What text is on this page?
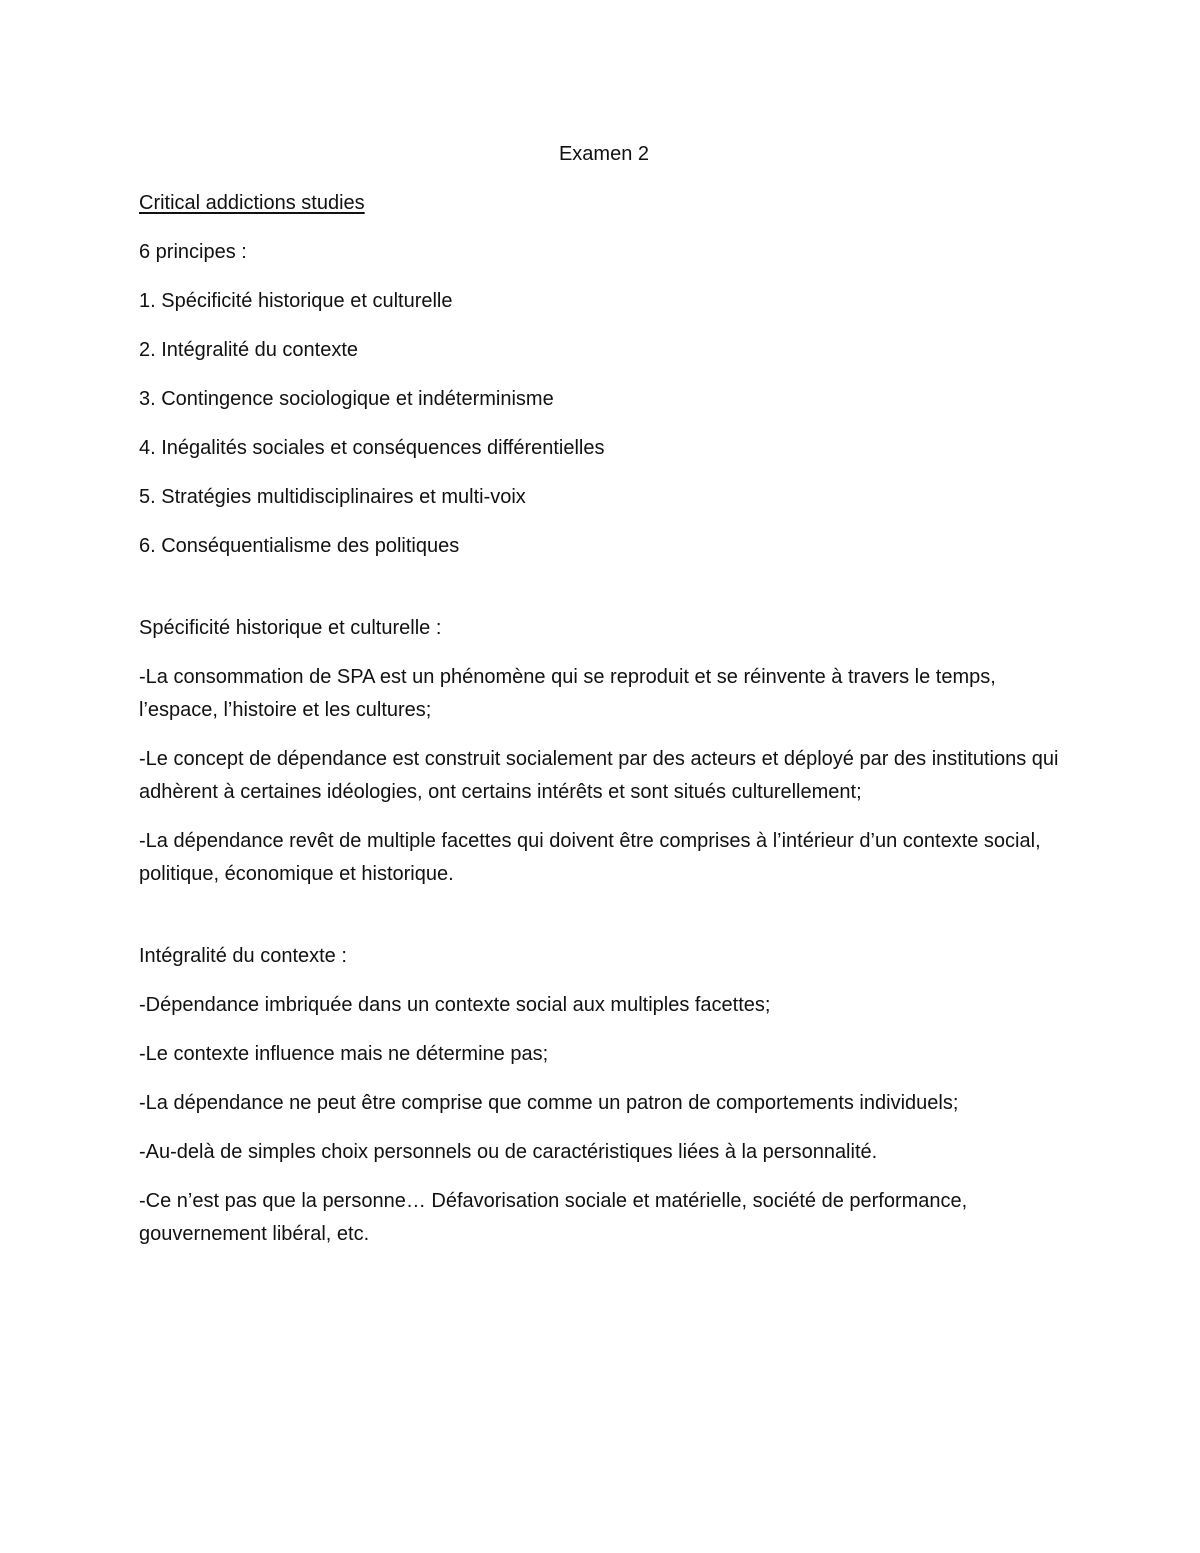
Examen 2
Critical addictions studies

6 principes :

1. Spécificité historique et culturelle
2. Intégralité du contexte
3. Contingence sociologique et indéterminisme
4. Inégalités sociales et conséquences différentielles
5. Stratégies multidisciplinaires et multi-voix
6. Conséquentialisme des politiques

Spécificité historique et culturelle :

-La consommation de SPA est un phénomène qui se reproduit et se réinvente à travers le temps, l’espace, l’histoire et les cultures;

-Le concept de dépendance est construit socialement par des acteurs et déployé par des institutions qui adhèrent à certaines idéologies, ont certains intérêts et sont situés culturellement;

-La dépendance revêt de multiple facettes qui doivent être comprises à l’intérieur d’un contexte social, politique, économique et historique.

Intégralité du contexte :

-Dépendance imbriquée dans un contexte social aux multiples facettes;

-Le contexte influence mais ne détermine pas;

-La dépendance ne peut être comprise que comme un patron de comportements individuels;

-Au-delà de simples choix personnels ou de caractéristiques liées à la personnalité.

-Ce n’est pas que la personne… Défavorisation sociale et matérielle, société de performance, gouvernement libéral, etc.
